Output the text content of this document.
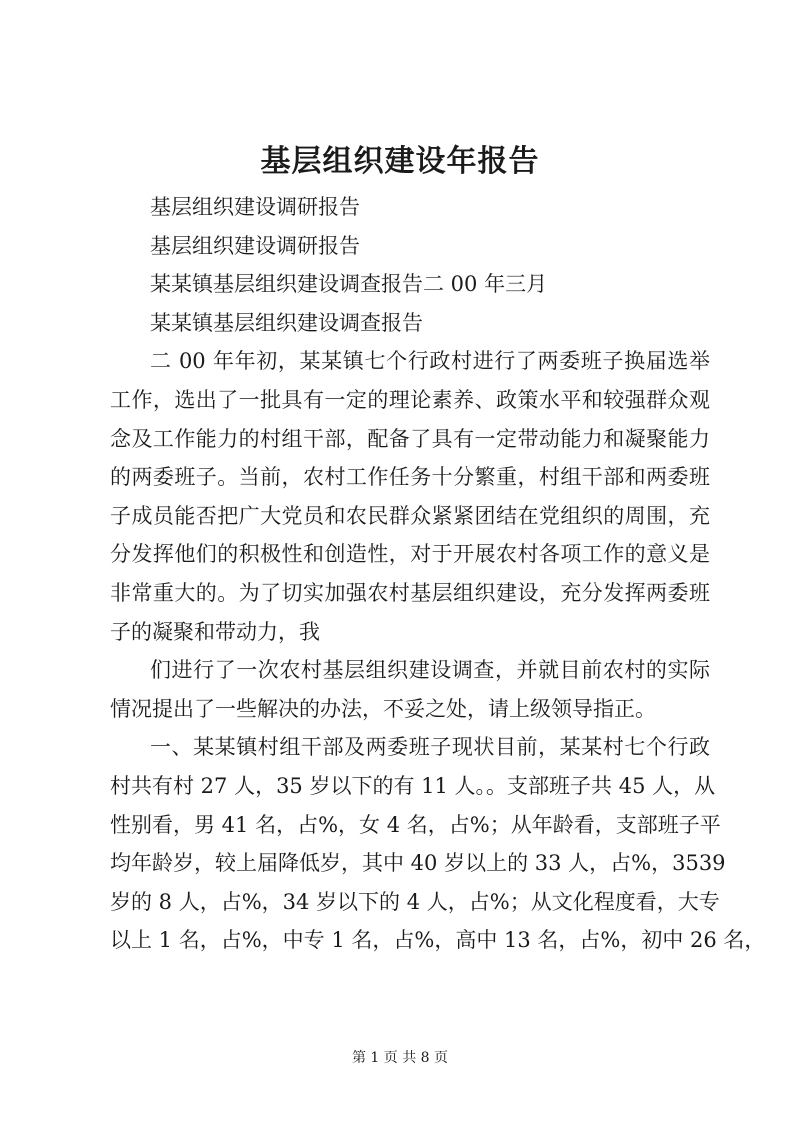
基层组织建设年报告

基层组织建设调研报告

基层组织建设调研报告

某某镇基层组织建设调查报告二 00 年三月

某某镇基层组织建设调查报告

二 00 年年初，某某镇七个行政村进行了两委班子换届选举

工作，选出了一批具有一定的理论素养、政策水平和较强群众观

念及工作能力的村组干部，配备了具有一定带动能力和凝聚能力

的两委班子。当前，农村工作任务十分繁重，村组干部和两委班

子成员能否把广大党员和农民群众紧紧团结在党组织的周围，充

分发挥他们的积极性和创造性，对于开展农村各项工作的意义是

非常重大的。为了切实加强农村基层组织建设，充分发挥两委班

子的凝聚和带动力，我

们进行了一次农村基层组织建设调查，并就目前农村的实际

情况提出了一些解决的办法，不妥之处，请上级领导指正。

一、某某镇村组干部及两委班子现状目前，某某村七个行政

村共有村 27 人，35 岁以下的有 11 人。。支部班子共 45 人，从

性别看，男 41 名，占%，女 4 名，占%；从年龄看，支部班子平

均年龄岁，较上届降低岁，其中 40 岁以上的 33 人，占%，3539

岁的 8 人，占%，34 岁以下的 4 人，占%；从文化程度看，大专

以上 1 名，占%，中专 1 名，占%，高中 13 名，占%，初中 26 名，

第 1 页 共 8 页
